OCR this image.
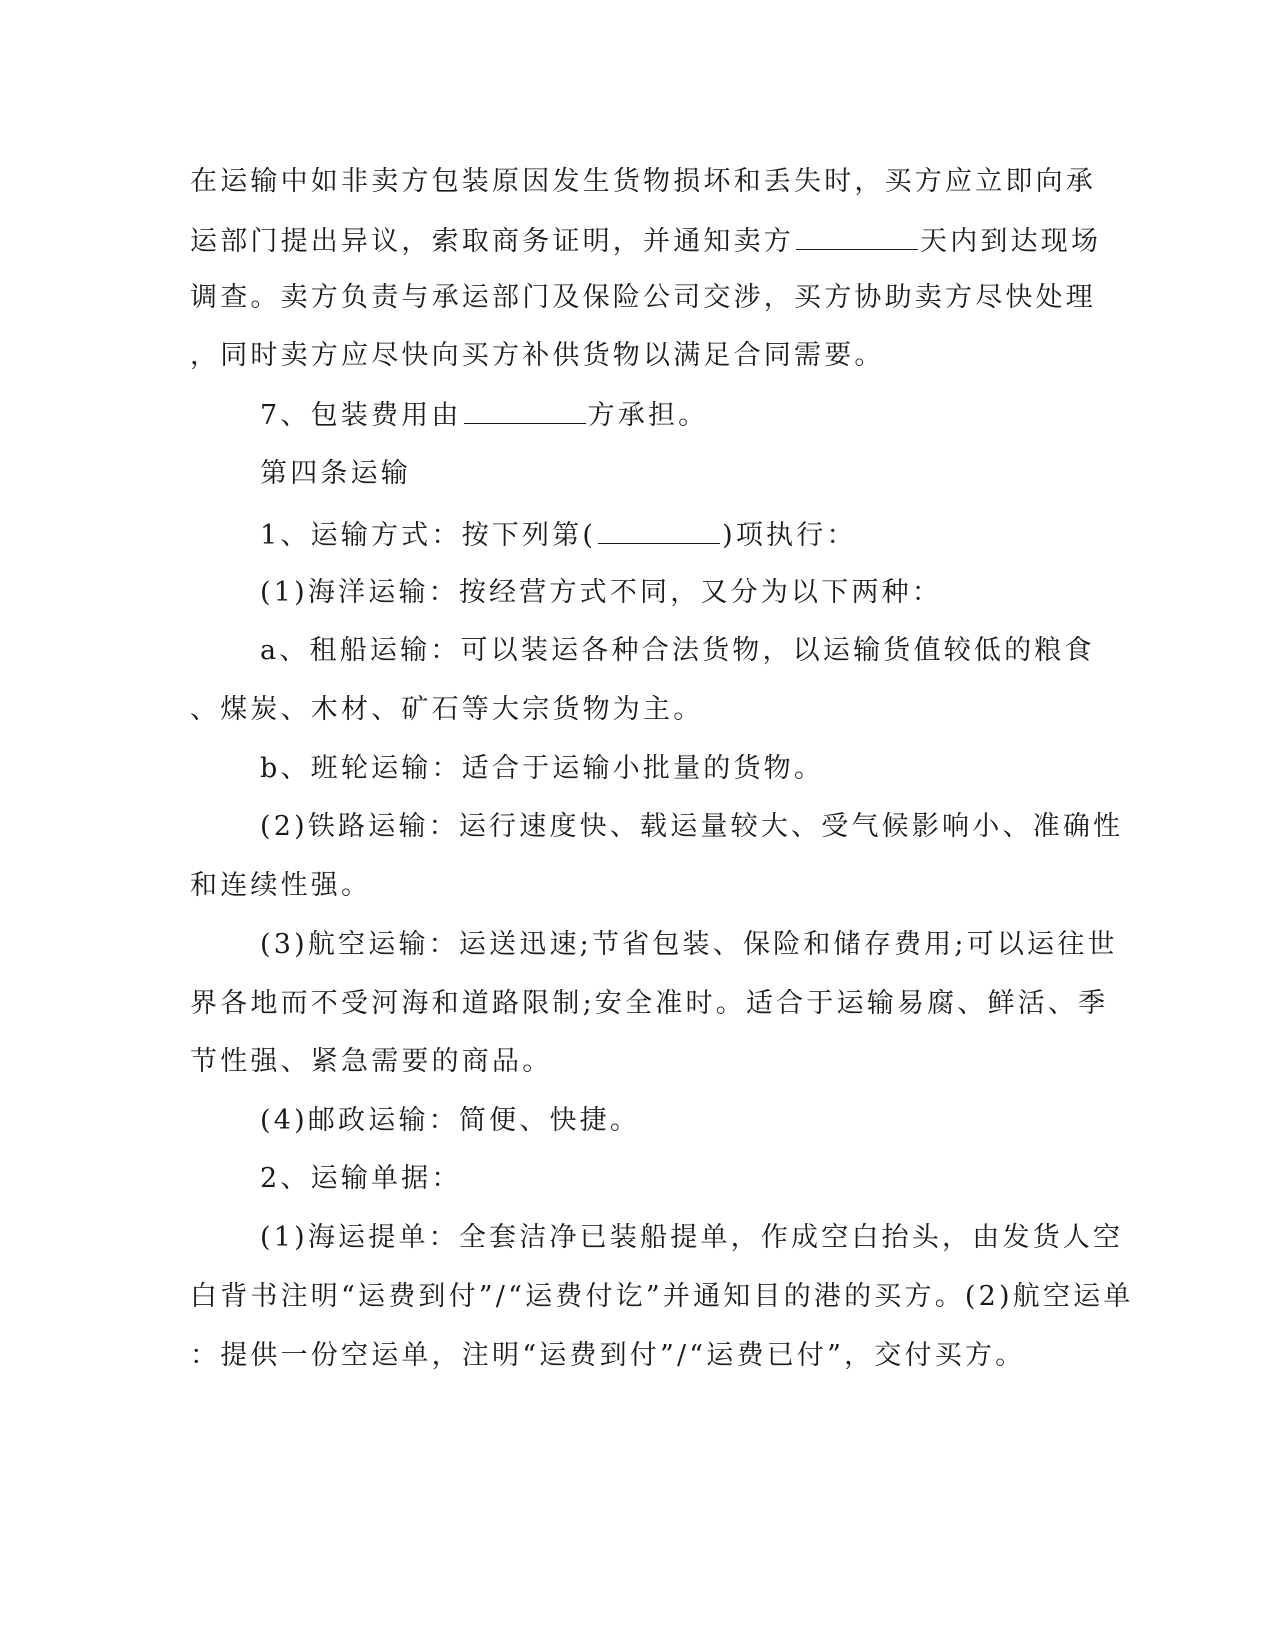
在运输中如非卖方包装原因发生货物损坏和丢失时，买方应立即向承
运部门提出异议，索取商务证明，并通知卖方	天内到达现场
调查。卖方负责与承运部门及保险公司交涉，买方协助卖方尽快处理
，同时卖方应尽快向买方补供货物以满足合同需要。
7、包装费用由	方承担。
第四条运输
1、运输方式：按下列第(	)项执行：
(1)海洋运输：按经营方式不同，又分为以下两种：
a、租船运输：可以装运各种合法货物，以运输货值较低的粮食
、煤炭、木材、矿石等大宗货物为主。
b、班轮运输：适合于运输小批量的货物。
(2)铁路运输：运行速度快、载运量较大、受气候影响小、准确性
和连续性强。
(3)航空运输：运送迅速;节省包装、保险和储存费用;可以运往世
界各地而不受河海和道路限制;安全准时。适合于运输易腐、鲜活、季
节性强、紧急需要的商品。
(4)邮政运输：简便、快捷。
2、运输单据：
(1)海运提单：全套洁净已装船提单，作成空白抬头，由发货人空
白背书注明“运费到付”/“运费付讫”并通知目的港的买方。(2)航空运单
：提供一份空运单，注明“运费到付”/“运费已付”，交付买方。
